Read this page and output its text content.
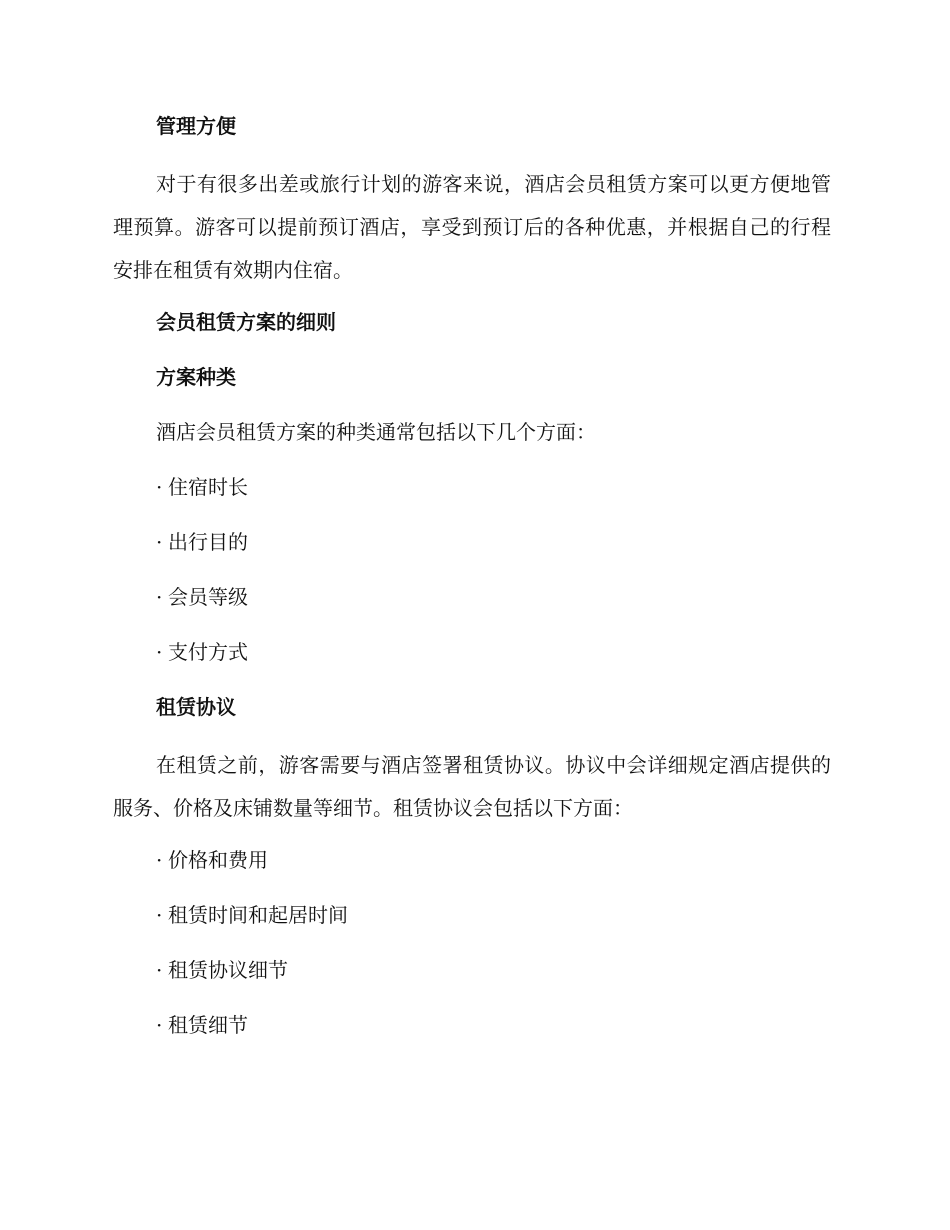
管理方便
对于有很多出差或旅行计划的游客来说，酒店会员租赁方案可以更方便地管理预算。游客可以提前预订酒店，享受到预订后的各种优惠，并根据自己的行程安排在租赁有效期内住宿。
会员租赁方案的细则
方案种类
酒店会员租赁方案的种类通常包括以下几个方面：
· 住宿时长
· 出行目的
· 会员等级
· 支付方式
租赁协议
在租赁之前，游客需要与酒店签署租赁协议。协议中会详细规定酒店提供的服务、价格及床铺数量等细节。租赁协议会包括以下方面：
· 价格和费用
· 租赁时间和起居时间
· 租赁协议细节
· 租赁细节
